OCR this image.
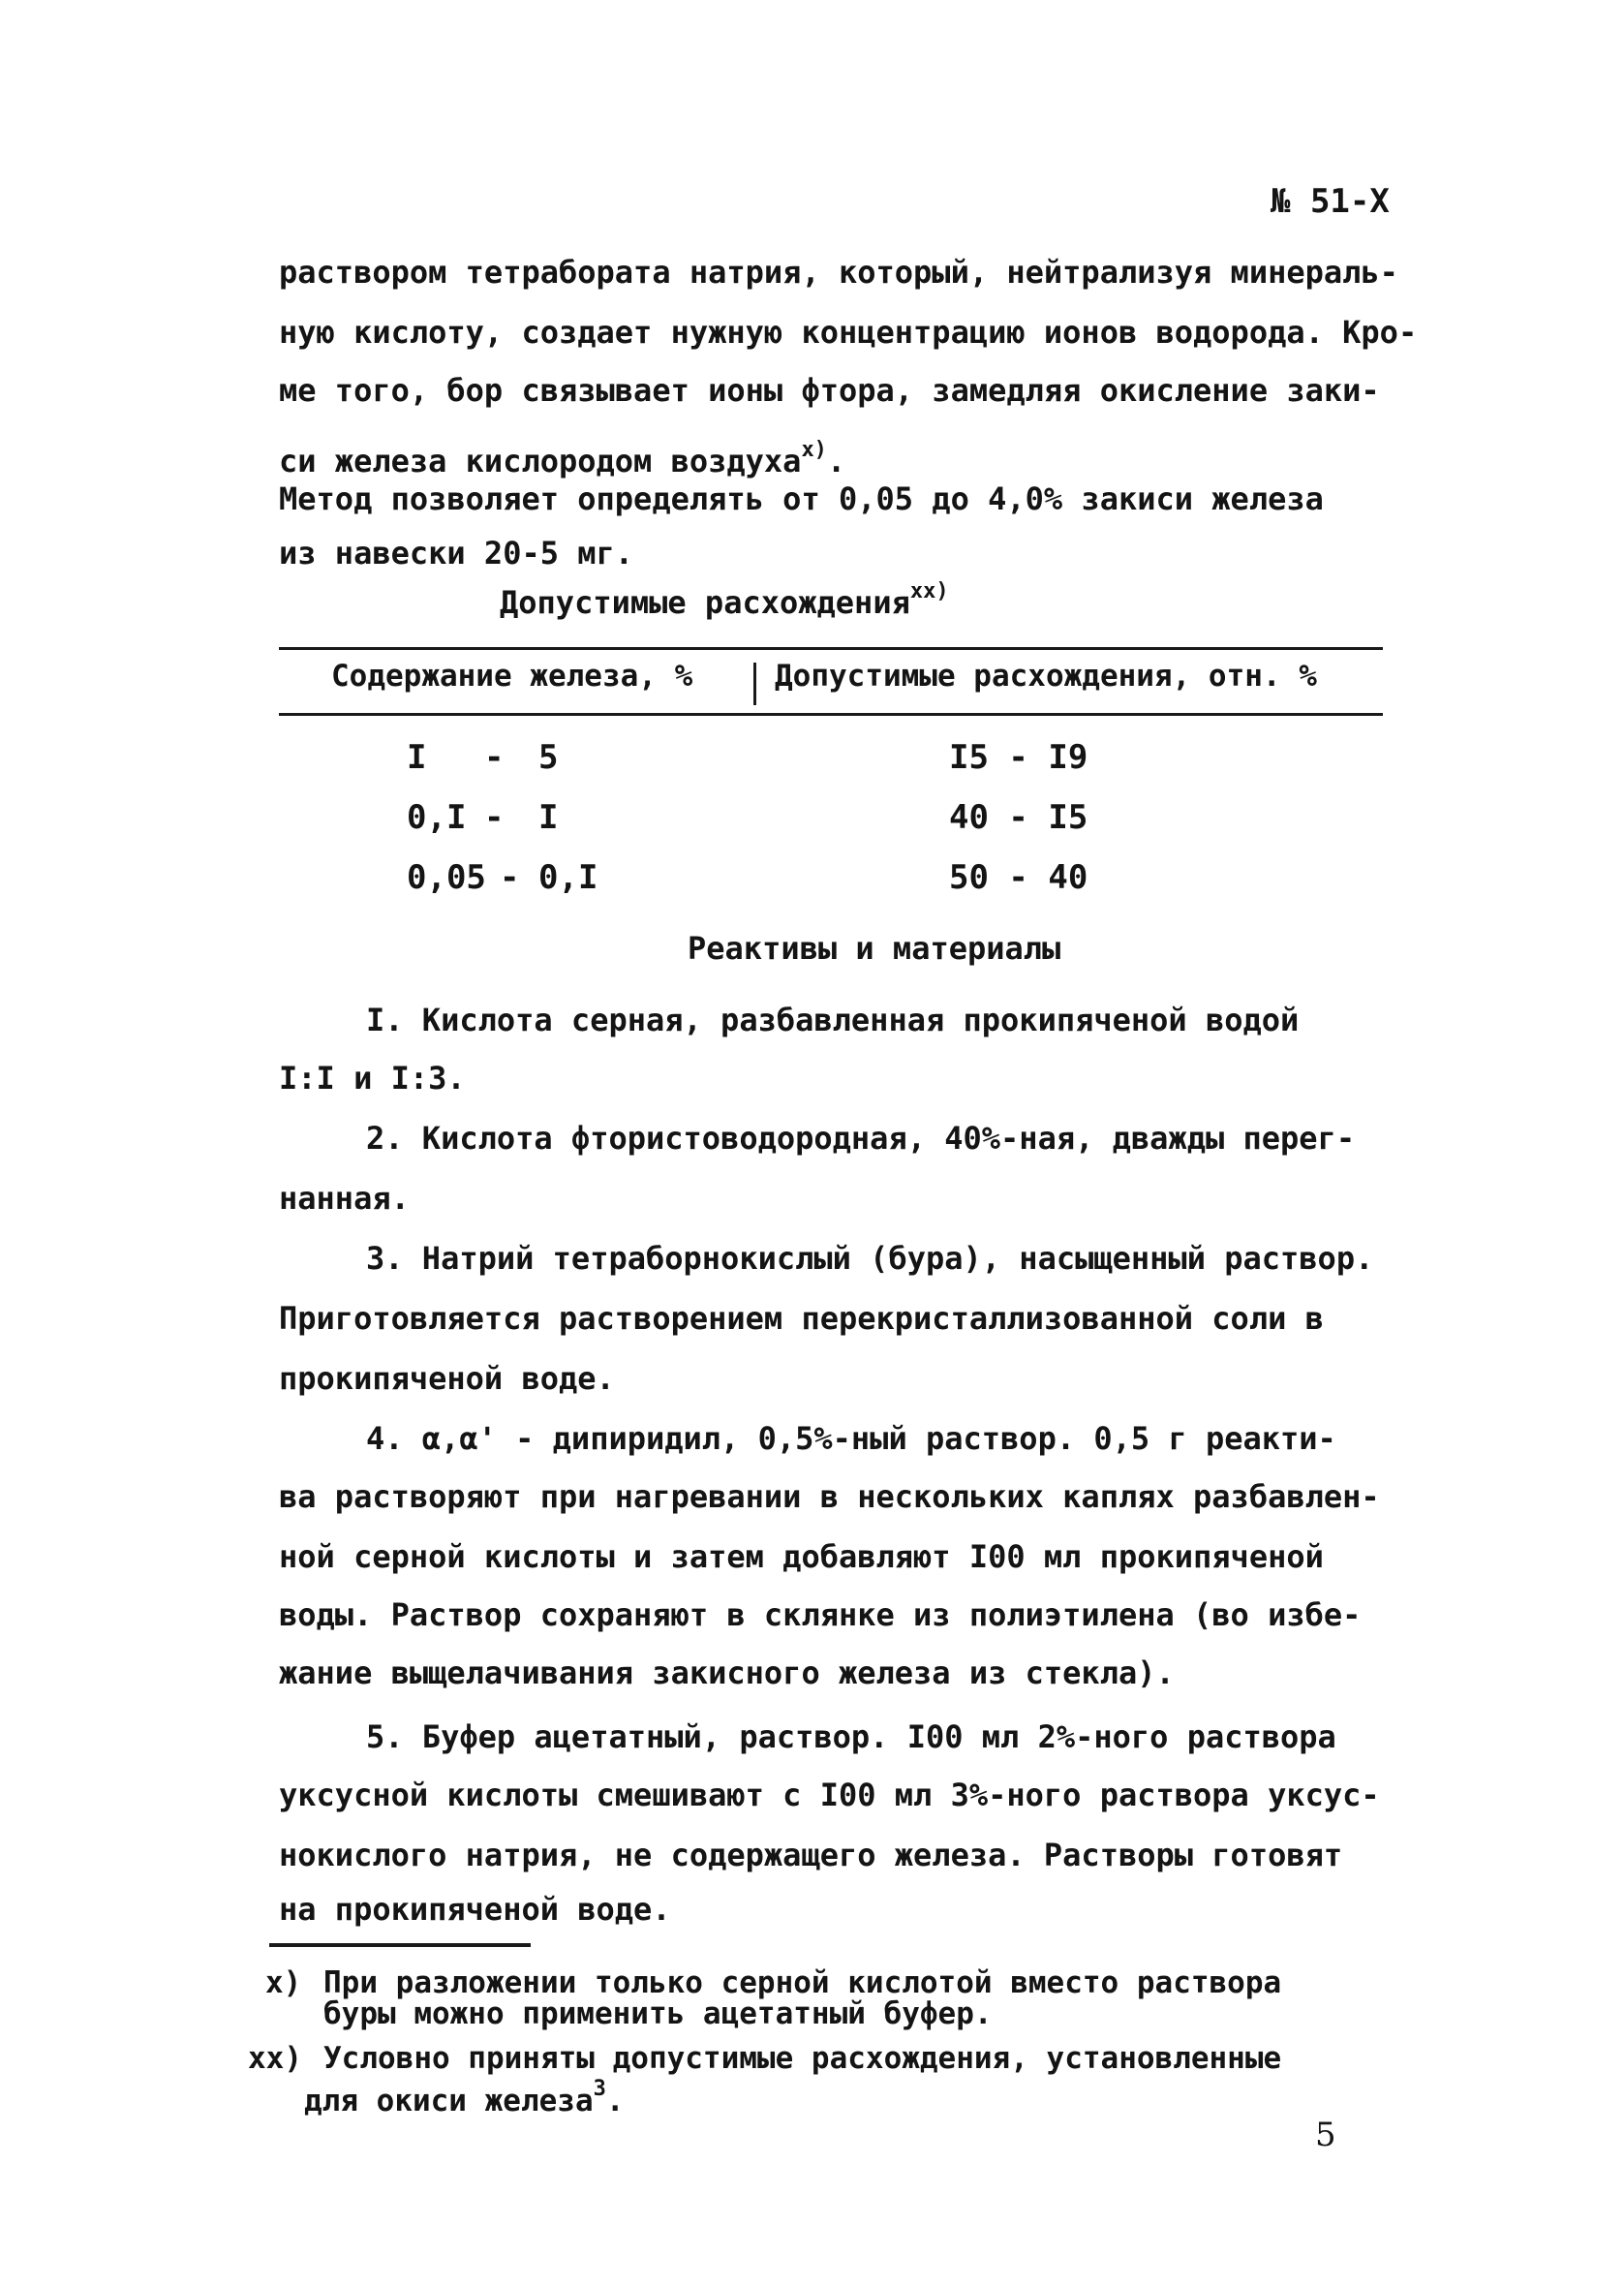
№ 51-Х
раствором тетрабората натрия, который, нейтрализуя минераль-
ную кислоту, создает нужную концентрацию ионов водорода. Кро-
ме того, бор связывает ионы фтора, замедляя окисление заки-
си железа кислородом воздуха$^{х)}$.
Метод позволяет определять от 0,05 до 4,0% закиси железа
из навески 20-5 мг.
Допустимые расхождения$^{хх)}$
Содержание железа, %	Допустимые расхождения, отн. %
I - 5	I5 - I9
0,I - I	40 - I5
0,05 - 0,I	50 - 40
Реактивы и материалы
I. Кислота серная, разбавленная прокипяченой водой
I:I и I:3.
2. Кислота фтористоводородная, 40%-ная, дважды перег-
нанная.
3. Натрий тетраборнокислый (бура), насыщенный раствор.
Приготовляется растворением перекристаллизованной соли в
прокипяченой воде.
4. α,α' - дипиридил, 0,5%-ный раствор. 0,5 г реакти-
ва растворяют при нагревании в нескольких каплях разбавлен-
ной серной кислоты и затем добавляют I00 мл прокипяченой
воды. Раствор сохраняют в склянке из полиэтилена (во избе-
жание выщелачивания закисного железа из стекла).
5. Буфер ацетатный, раствор. I00 мл 2%-ного раствора
уксусной кислоты смешивают с I00 мл 3%-ного раствора уксус-
нокислого натрия, не содержащего железа. Растворы готовят
на прокипяченой воде.
х) При разложении только серной кислотой вместо раствора
буры можно применить ацетатный буфер.
хх) Условно приняты допустимые расхождения, установленные
для окиси железа$^3$.
5
